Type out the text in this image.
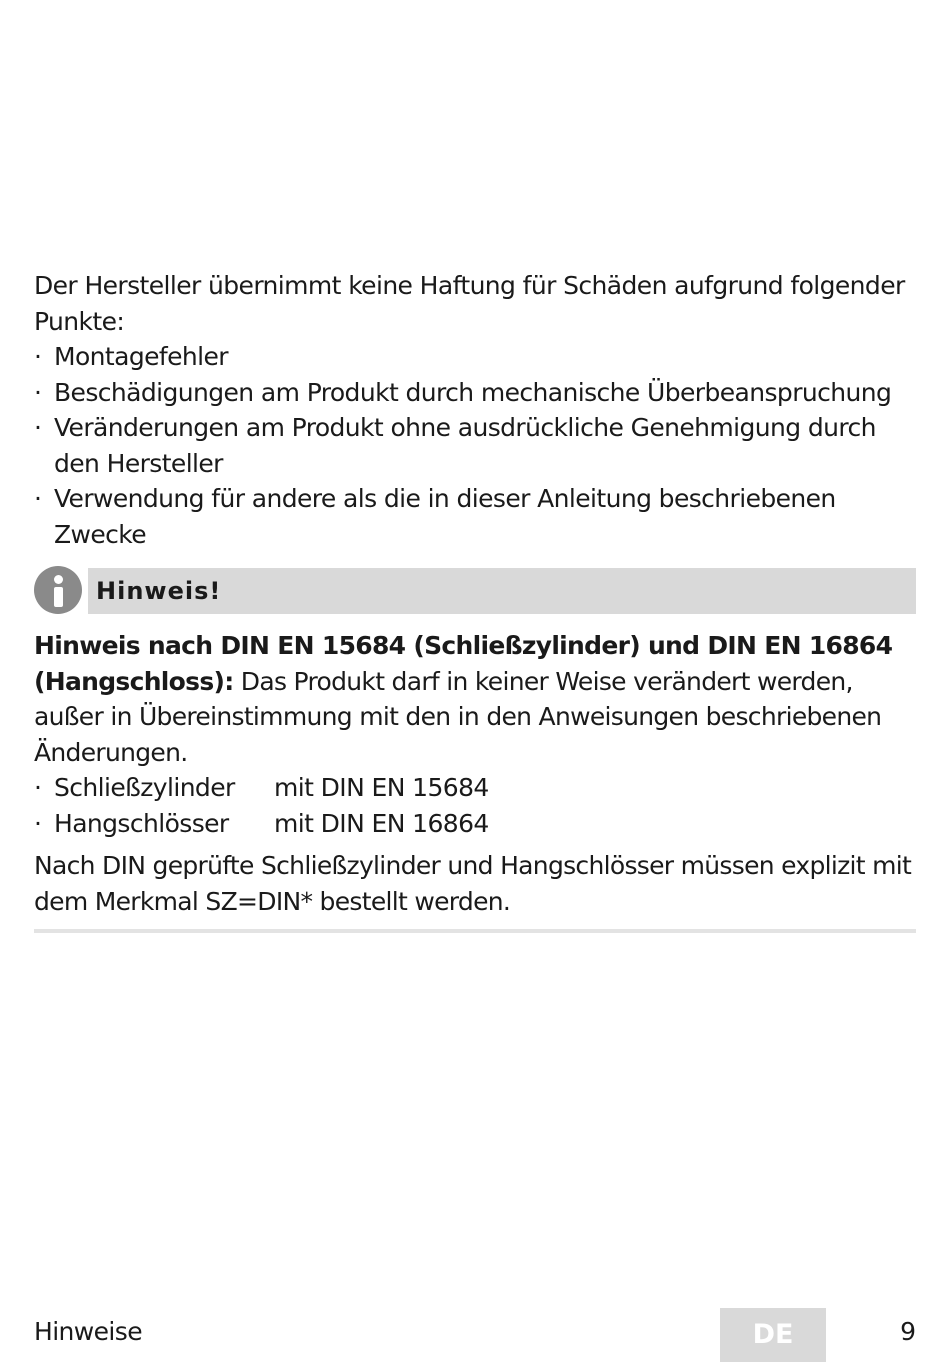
Der Hersteller übernimmt keine Haftung für Schäden aufgrund folgender Punkte:

· Montagefehler
· Beschädigungen am Produkt durch mechanische Überbeanspruchung
· Veränderungen am Produkt ohne ausdrückliche Genehmigung durch den Hersteller
· Verwendung für andere als die in dieser Anleitung beschriebenen Zwecke
Hinweis!

Hinweis nach DIN EN 15684 (Schließzylinder) und DIN EN 16864 (Hangschloss): Das Produkt darf in keiner Weise verändert werden, außer in Übereinstimmung mit den in den Anweisungen beschriebenen Änderungen.

· Schließzylinder mit DIN EN 15684
· Hangschlösser mit DIN EN 16864

Nach DIN geprüfte Schließzylinder und Hangschlösser müssen explizit mit dem Merkmal SZ=DIN* bestellt werden.

Hinweise	DE	9
